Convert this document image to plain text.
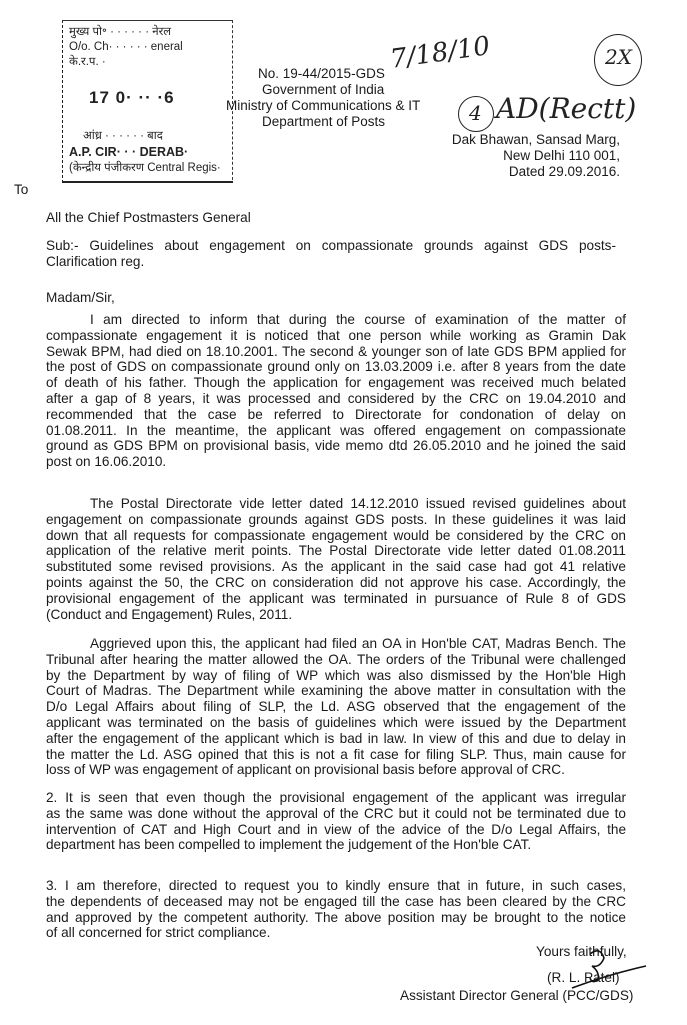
मुख्य पो॰ · · · · · · नेरल
O/o. Ch· · · · · · eneral
के.र.प. ·
17 0· ·· ·6
आंध्र · · · · · · बाद
A.P. CIR· · · DERAB·
(केन्द्रीय पंजीकरण Central Regis·
7/18/10	2X
4 AD(Rectt)
No. 19-44/2015-GDS
Government of India
Ministry of Communications & IT
Department of Posts
Dak Bhawan, Sansad Marg,
New Delhi 110 001,
Dated 29.09.2016.
To
All the Chief Postmasters General
Sub:- Guidelines about engagement on compassionate grounds against GDS posts-
Clarification reg.
Madam/Sir,
I am directed to inform that during the course of examination of the matter of
compassionate engagement it is noticed that one person while working as Gramin Dak
Sewak BPM, had died on 18.10.2001. The second & younger son of late GDS BPM applied for
the post of GDS on compassionate ground only on 13.03.2009 i.e. after 8 years from the date
of death of his father. Though the application for engagement was received much belated
after a gap of 8 years, it was processed and considered by the CRC on 19.04.2010 and
recommended that the case be referred to Directorate for condonation of delay on
01.08.2011. In the meantime, the applicant was offered engagement on compassionate
ground as GDS BPM on provisional basis, vide memo dtd 26.05.2010 and he joined the said
post on 16.06.2010.
The Postal Directorate vide letter dated 14.12.2010 issued revised guidelines about
engagement on compassionate grounds against GDS posts. In these guidelines it was laid
down that all requests for compassionate engagement would be considered by the CRC on
application of the relative merit points. The Postal Directorate vide letter dated 01.08.2011
substituted some revised provisions. As the applicant in the said case had got 41 relative
points against the 50, the CRC on consideration did not approve his case. Accordingly, the
provisional engagement of the applicant was terminated in pursuance of Rule 8 of GDS
(Conduct and Engagement) Rules, 2011.
Aggrieved upon this, the applicant had filed an OA in Hon'ble CAT, Madras Bench. The
Tribunal after hearing the matter allowed the OA. The orders of the Tribunal were challenged
by the Department by way of filing of WP which was also dismissed by the Hon'ble High
Court of Madras. The Department while examining the above matter in consultation with the
D/o Legal Affairs about filing of SLP, the Ld. ASG observed that the engagement of the
applicant was terminated on the basis of guidelines which were issued by the Department
after the engagement of the applicant which is bad in law. In view of this and due to delay in
the matter the Ld. ASG opined that this is not a fit case for filing SLP. Thus, main cause for
loss of WP was engagement of applicant on provisional basis before approval of CRC.
2. It is seen that even though the provisional engagement of the applicant was irregular
as the same was done without the approval of the CRC but it could not be terminated due to
intervention of CAT and High Court and in view of the advice of the D/o Legal Affairs, the
department has been compelled to implement the judgement of the Hon'ble CAT.
3. I am therefore, directed to request you to kindly ensure that in future, in such cases,
the dependents of deceased may not be engaged till the case has been cleared by the CRC
and approved by the competent authority. The above position may be brought to the notice
of all concerned for strict compliance.
Yours faithfully,
(R. L. Patel)
Assistant Director General (PCC/GDS)
